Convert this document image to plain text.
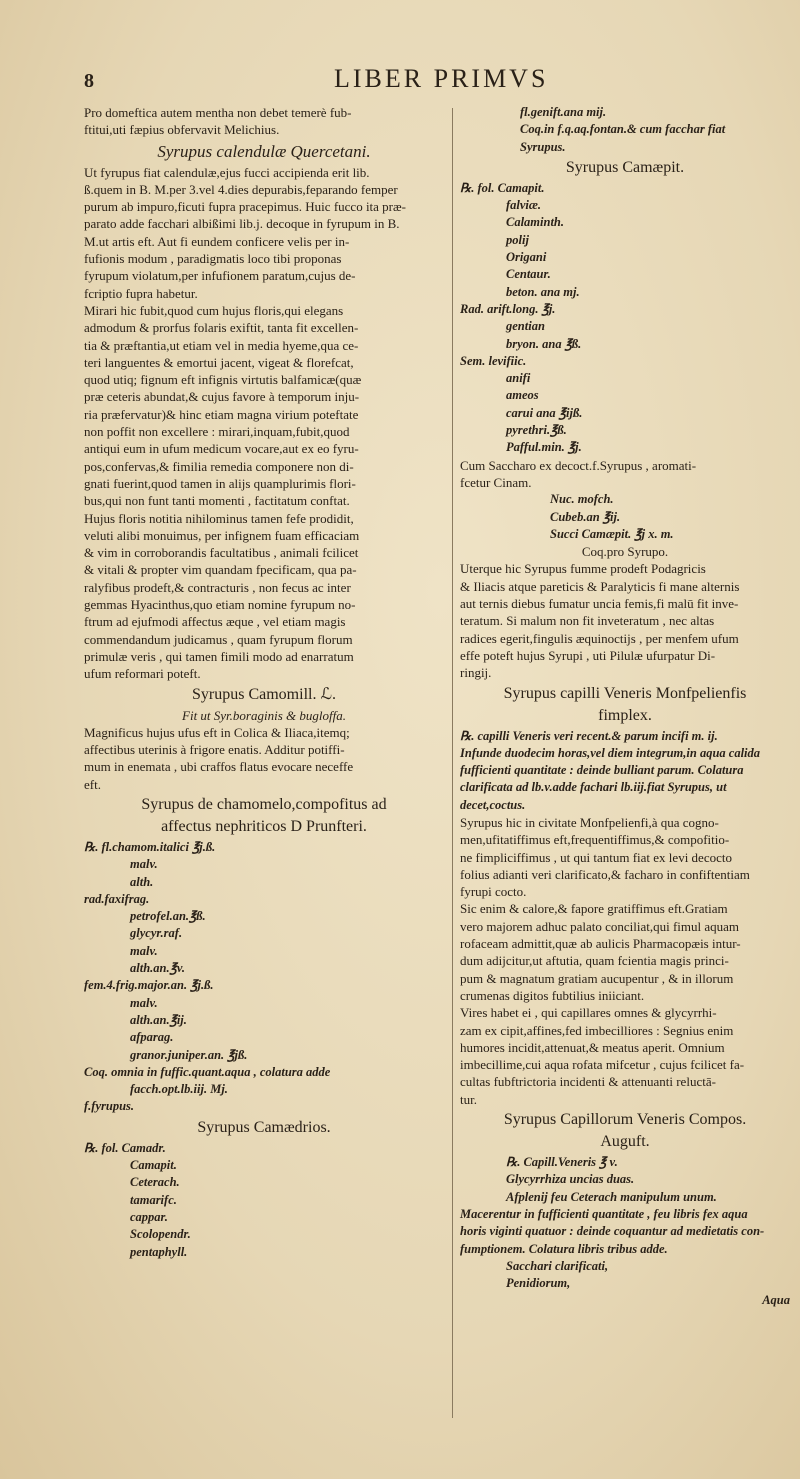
8	LIBER PRIMVS

Pro domeftica autem mentha non debet temerè fub-

ftitui,uti fæpius obfervavit Melichius.

Syrupus calendulæ Quercetani.

Ut fyrupus fiat calendulæ,ejus fucci accipienda erit lib.

ß.quem in B. M.per 3.vel 4.dies depurabis,feparando femper

purum ab impuro,ficuti fupra pracepimus. Huic fucco ita præ-

parato adde facchari albißimi lib.j. decoque in fyrupum in B.

M.ut artis eft. Aut fi eundem conficere velis per in-

fufionis modum , paradigmatis loco tibi proponas

fyrupum violatum,per infufionem paratum,cujus de-

fcriptio fupra habetur.

Mirari hic fubit,quod cum hujus floris,qui elegans

admodum & prorfus folaris exiftit, tanta fit excellen-

tia & præftantia,ut etiam vel in media hyeme,qua ce-

teri languentes & emortui jacent, vigeat & florefcat,

quod utiq; fignum eft infignis virtutis balfamicæ(quæ

præ ceteris abundat,& cujus favore à temporum inju-

ria præfervatur)& hinc etiam magna virium poteftate

non poffit non excellere : mirari,inquam,fubit,quod

antiqui eum in ufum medicum vocare,aut ex eo fyru-

pos,confervas,& fimilia remedia componere non di-

gnati fuerint,quod tamen in alijs quamplurimis flori-

bus,qui non funt tanti momenti , factitatum conftat.

Hujus floris notitia nihilominus tamen fefe prodidit,

veluti alibi monuimus, per infignem fuam efficaciam

& vim in corroborandis facultatibus , animali fcilicet

& vitali & propter vim quandam fpecificam, qua pa-

ralyfibus prodeft,& contracturis , non fecus ac inter

gemmas Hyacinthus,quo etiam nomine fyrupum no-

ftrum ad ejufmodi affectus æque , vel etiam magis

commendandum judicamus , quam fyrupum florum

primulæ veris , qui tamen fimili modo ad enarratum

ufum reformari poteft.

Syrupus Camomill. ℒ.

Fit ut Syr.boraginis & bugloffa.

Magnificus hujus ufus eft in Colica & Iliaca,itemq;

affectibus uterinis à frigore enatis. Additur potiffi-

mum in enemata , ubi craffos flatus evocare neceffe

eft.

Syrupus de chamomelo,compofitus ad

affectus nephriticos D Prunfteri.

℞. fl.chamom.italici ℥j.ß.

malv.

alth.

rad.faxifrag.

petrofel.an.℥ß.

glycyr.raf.

malv.

alth.an.℥v.

fem.4.frig.major.an. ℥j.ß.

malv.

alth.an.℥ij.

afparag.

granor.juniper.an. ℥jß.

Coq. omnia in fuffic.quant.aqua , colatura adde

facch.opt.lb.iij. Mj.

f.fyrupus.

Syrupus Camædrios.

℞. fol. Camadr.

Camapit.

Ceterach.

tamarifc.

cappar.

Scolopendr.

pentaphyll.

fl.genift.ana mij.

Coq.in f.q.aq.fontan.& cum facchar fiat

Syrupus.

Syrupus Camæpit.

℞. fol. Camapit.

falviæ.

Calaminth.

polij

Origani

Centaur.

beton. ana mj.

Rad. arift.long. ℥j.

gentian

bryon. ana ℥ß.

Sem. levifiic.

anifi

ameos

carui ana ℥ijß.

pyrethri.℥ß.

Pafful.min. ℥j.

Cum Saccharo ex decoct.f.Syrupus , aromati-

fcetur Cinam.

Nuc. mofch.

Cubeb.an ℥ij.

Succi Camæpit. ℥j x. m.

Coq.pro Syrupo.

Uterque hic Syrupus fumme prodeft Podagricis

& Iliacis atque pareticis & Paralyticis fi mane alternis

aut ternis diebus fumatur uncia femis,fi malū fit inve-

teratum. Si malum non fit inveteratum , nec altas

radices egerit,fingulis æquinoctijs , per menfem ufum

effe poteft hujus Syrupi , uti Pilulæ ufurpatur Di-

ringij.

Syrupus capilli Veneris Monfpelienfis

fimplex.

℞. capilli Veneris veri recent.& parum incifi m. ij.

Infunde duodecim horas,vel diem integrum,in aqua calida

fufficienti quantitate : deinde bulliant parum. Colatura

clarificata ad lb.v.adde fachari lb.iij.fiat Syrupus, ut

decet,coctus.

Syrupus hic in civitate Monfpelienfi,à qua cogno-

men,ufitatiffimus eft,frequentiffimus,& compofitio-

ne fimpliciffimus , ut qui tantum fiat ex levi decocto

folius adianti veri clarificato,& facharo in confiftentiam

fyrupi cocto.

Sic enim & calore,& fapore gratiffimus eft.Gratiam

vero majorem adhuc palato conciliat,qui fimul aquam

rofaceam admittit,quæ ab aulicis Pharmacopæis intur-

dum adijcitur,ut aftutia, quam fcientia magis princi-

pum & magnatum gratiam aucupentur , & in illorum

crumenas digitos fubtilius iniiciant.

Vires habet ei , qui capillares omnes & glycyrrhi-

zam ex cipit,affines,fed imbecilliores : Segnius enim

humores incidit,attenuat,& meatus aperit. Omnium

imbecillime,cui aqua rofata mifcetur , cujus fcilicet fa-

cultas fubftrictoria incidenti & attenuanti reluctā-

tur.

Syrupus Capillorum Veneris Compos.

Auguft.

℞. Capill.Veneris ℥ v.

Glycyrrhiza uncias duas.

Afplenij feu Ceterach manipulum unum.

Macerentur in fufficienti quantitate , feu libris fex aqua

horis viginti quatuor : deinde coquantur ad medietatis con-

fumptionem. Colatura libris tribus adde.

Sacchari clarificati,

Penidiorum,

Aqua
